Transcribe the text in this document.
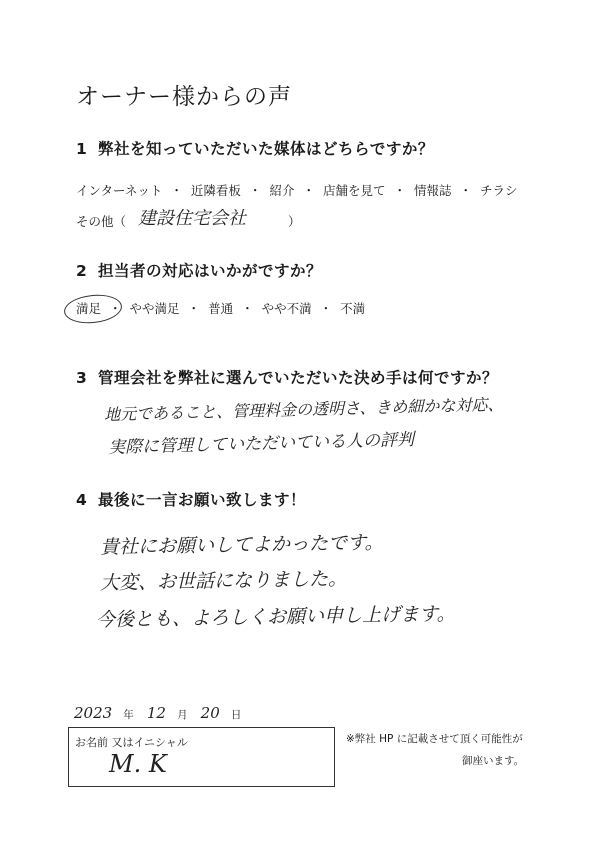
オーナー様からの声
1 弊社を知っていただいた媒体はどちらですか？
インターネット ・ 近隣看板 ・ 紹介 ・ 店舗を見て ・ 情報誌 ・ チラシ
その他（ 建設住宅会社	）
2 担当者の対応はいかがですか？
満足 ・ やや満足 ・ 普通 ・ やや不満 ・ 不満
3 管理会社を弊社に選んでいただいた決め手は何ですか？
地元であること、管理料金の透明さ、きめ細かな対応、
実際に管理していただいている人の評判
4 最後に一言お願い致します！
貴社にお願いしてよかったです。
大変、お世話になりました。
今後とも、よろしくお願い申し上げます。
2023 年 12 月 20 日
お名前 又はイニシャル
M. K
※弊社 HP に記載させて頂く可能性が
御座います。
